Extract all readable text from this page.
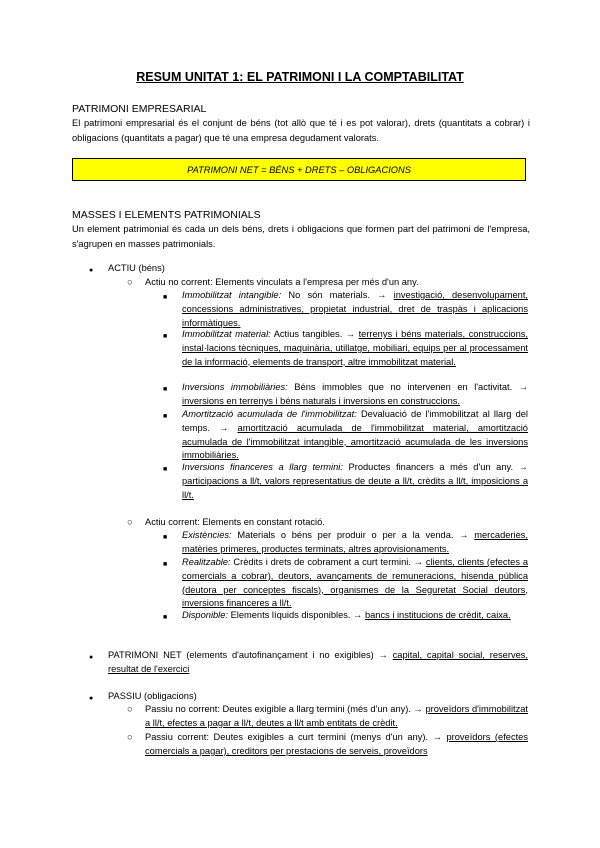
RESUM UNITAT 1: EL PATRIMONI I LA COMPTABILITAT
PATRIMONI EMPRESARIAL

El patrimoni empresarial és el conjunt de béns (tot allò que té i es pot valorar), drets (quantitats a cobrar) i obligacions (quantitats a pagar) que té una empresa degudament valorats.

PATRIMONI NET = BÉNS + DRETS – OBLIGACIONS
MASSES I ELEMENTS PATRIMONIALS

Un element patrimonial és cada un dels béns, drets i obligacions que formen part del patrimoni de l'empresa, s'agrupen en masses patrimonials.

● ACTIU (béns)
○ Actiu no corrent: Elements vinculats a l'empresa per més d'un any.
■ Immobilitzat intangible: No són materials. → investigació, desenvolupament, concessions administratives, propietat industrial, dret de traspàs i aplicacions informàtiques.

■ Immobilitzat material: Actius tangibles. → terrenys i béns materials, construccions, instal·lacions tècniques, maquinària, utillatge, mobiliari, equips per al processament de la informació, elements de transport, altre immobilitzat material.

■ Inversions immobiliàries: Béns immobles que no intervenen en l'activitat. → inversions en terrenys i béns naturals i inversions en construccions.

■ Amortització acumulada de l'immobilitzat: Devaluació de l'immobilitzat al llarg del temps. → amortització acumulada de l'immobilitzat material, amortització acumulada de l'immobilitzat intangible, amortització acumulada de les inversions immobiliàries.

■ Inversions financeres a llarg termini: Productes financers a més d'un any. → participacions a ll/t, valors representatius de deute a ll/t, crèdits a ll/t, imposicions a ll/t.

○ Actiu corrent: Elements en constant rotació.
■ Existències: Materials o béns per produir o per a la venda. → mercaderies, matèries primeres, productes terminats, altres aprovisionaments.

■ Realitzable: Crèdits i drets de cobrament a curt termini. → clients, clients (efectes a comercials a cobrar), deutors, avançaments de remuneracions, hisenda pública (deutora per conceptes fiscals), organismes de la Seguretat Social deutors, inversions financeres a ll/t.

■ Disponible: Elements líquids disponibles. → bancs i institucions de crèdit, caixa.

● PATRIMONI NET (elements d'autofinançament i no exigibles) → capital, capital social, reserves, resultat de l'exercici

● PASSIU (obligacions)
○ Passiu no corrent: Deutes exigible a llarg termini (més d'un any). → proveïdors d'immobilitzat a ll/t, efectes a pagar a ll/t, deutes a ll/t amb entitats de crèdit.

○ Passiu corrent: Deutes exigibles a curt termini (menys d'un any). → proveïdors (efectes comercials a pagar), creditors per prestacions de serveis, proveïdors
